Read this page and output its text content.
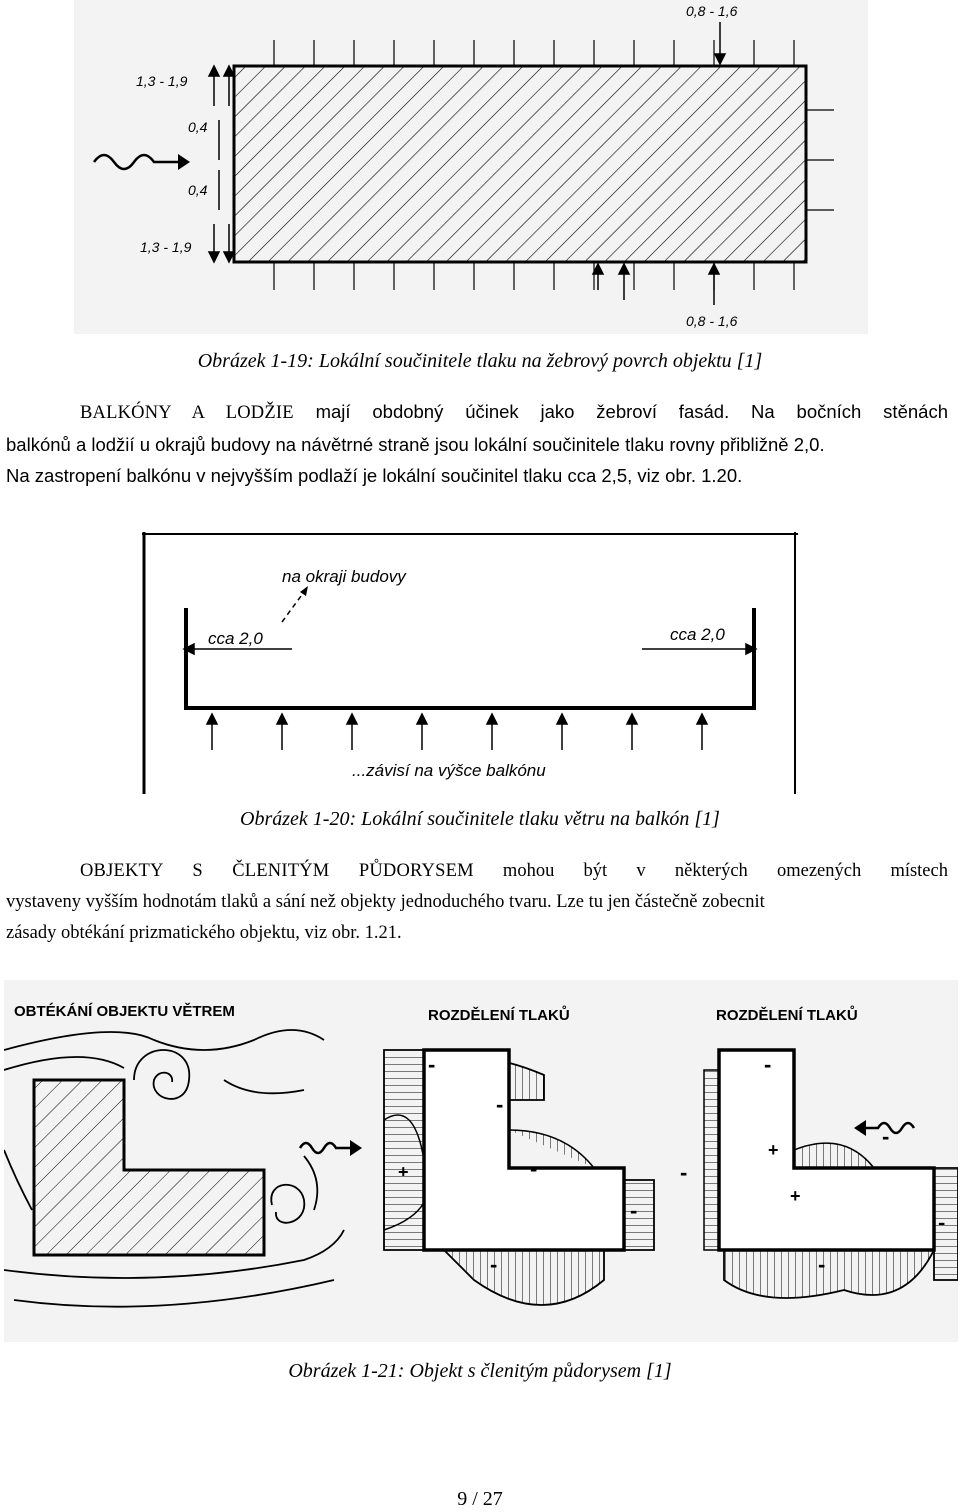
0,8 - 1,6
0,8 - 1,6
1,3 - 1,9
0,4
0,4
1,3 - 1,9
Obrázek 1-19: Lokální součinitele tlaku na žebrový povrch objektu [1]
BALKÓNY A LODŽIE mají obdobný účinek jako žebroví fasád. Na bočních stěnách
balkónů a lodžií u okrajů budovy na návětrné straně jsou lokální součinitele tlaku rovny přibližně 2,0.
Na zastropení balkónu v nejvyšším podlaží je lokální součinitel tlaku cca 2,5, viz obr. 1.20.
na okraji budovy
cca 2,0	cca 2,0
...závisí na výšce balkónu
Obrázek 1-20: Lokální součinitele tlaku větru na balkón [1]
OBJEKTY S ČLENITÝM PŮDORYSEM mohou být v některých omezených místech
vystaveny vyšším hodnotám tlaků a sání než objekty jednoduchého tvaru. Lze tu jen částečně zobecnit
zásady obtékání prizmatického objektu, viz obr. 1.21.
OBTÉKÁNÍ OBJEKTU VĚTREM	ROZDĚLENÍ TLAKŮ
-
-
+	-
-
-
ROZDĚLENÍ TLAKŮ
-
+
-
-
+
-
-
Obrázek 1-21: Objekt s členitým půdorysem [1]
9 / 27
